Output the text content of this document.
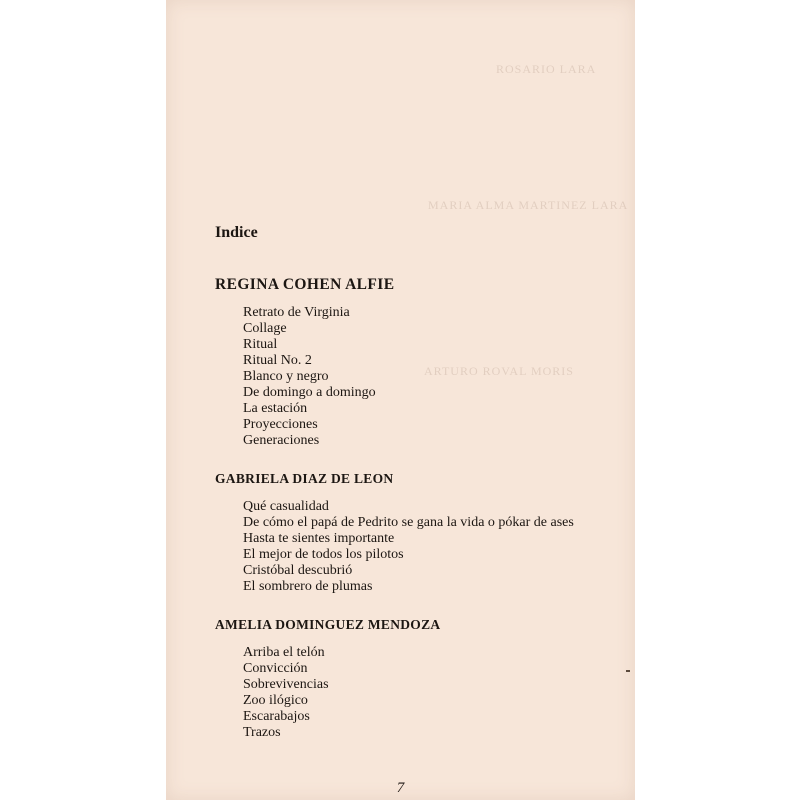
ROSARIO LARA
MARIA ALMA MARTINEZ LARA
ARTURO ROVAL MORIS
Indice
REGINA COHEN ALFIE
Retrato de Virginia
Collage
Ritual
Ritual No. 2
Blanco y negro
De domingo a domingo
La estación
Proyecciones
Generaciones
GABRIELA DIAZ DE LEON
Qué casualidad
De cómo el papá de Pedrito se gana la vida o pókar de ases
Hasta te sientes importante
El mejor de todos los pilotos
Cristóbal descubrió
El sombrero de plumas
AMELIA DOMINGUEZ MENDOZA
Arriba el telón
Convicción
Sobrevivencias
Zoo ilógico
Escarabajos
Trazos
7
